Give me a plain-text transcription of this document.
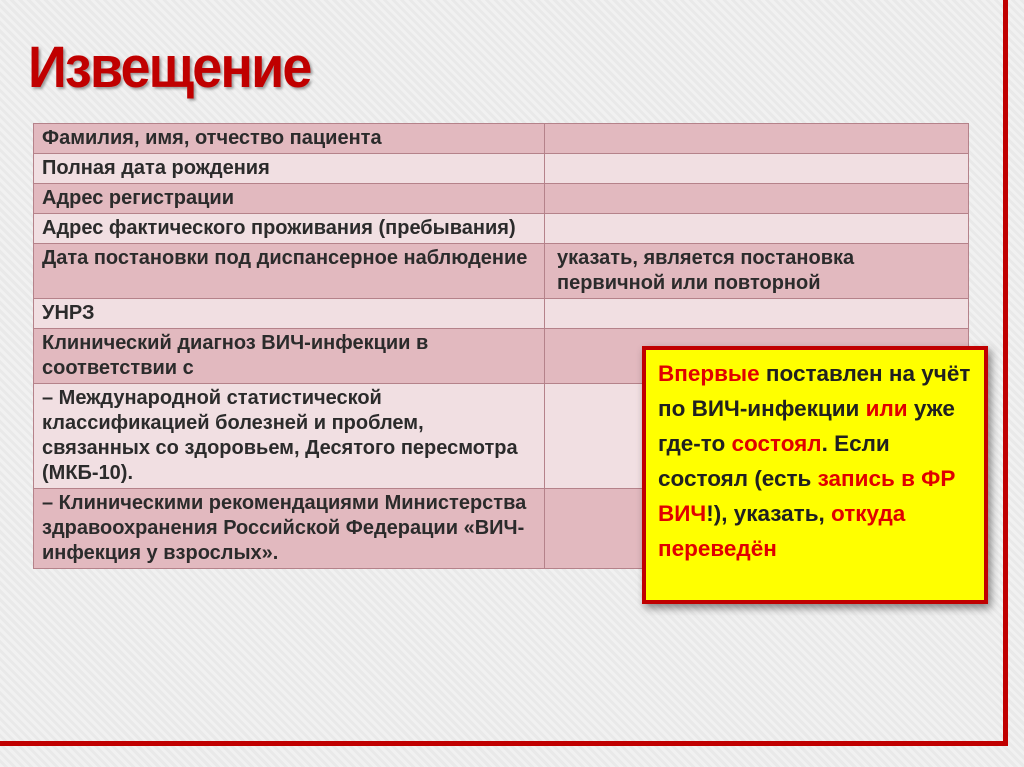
Извещение
Фамилия, имя, отчество пациента	
Полная дата рождения	
Адрес регистрации	
Адрес фактического проживания (пребывания)	
Дата постановки под диспансерное наблюдение	указать, является постановка первичной или повторной
УНРЗ	
Клинический диагноз ВИЧ-инфекции в соответствии с	
– Международной статистической классификацией болезней и проблем, связанных со здоровьем, Десятого пересмотра (МКБ-10).	
– Клиническими рекомендациями Министерства здравоохранения Российской Федерации «ВИЧ-инфекция у взрослых».	
Впервые поставлен на учёт по ВИЧ-инфекции или уже где-то состоял. Если состоял (есть запись в ФР ВИЧ!), указать, откуда переведён
